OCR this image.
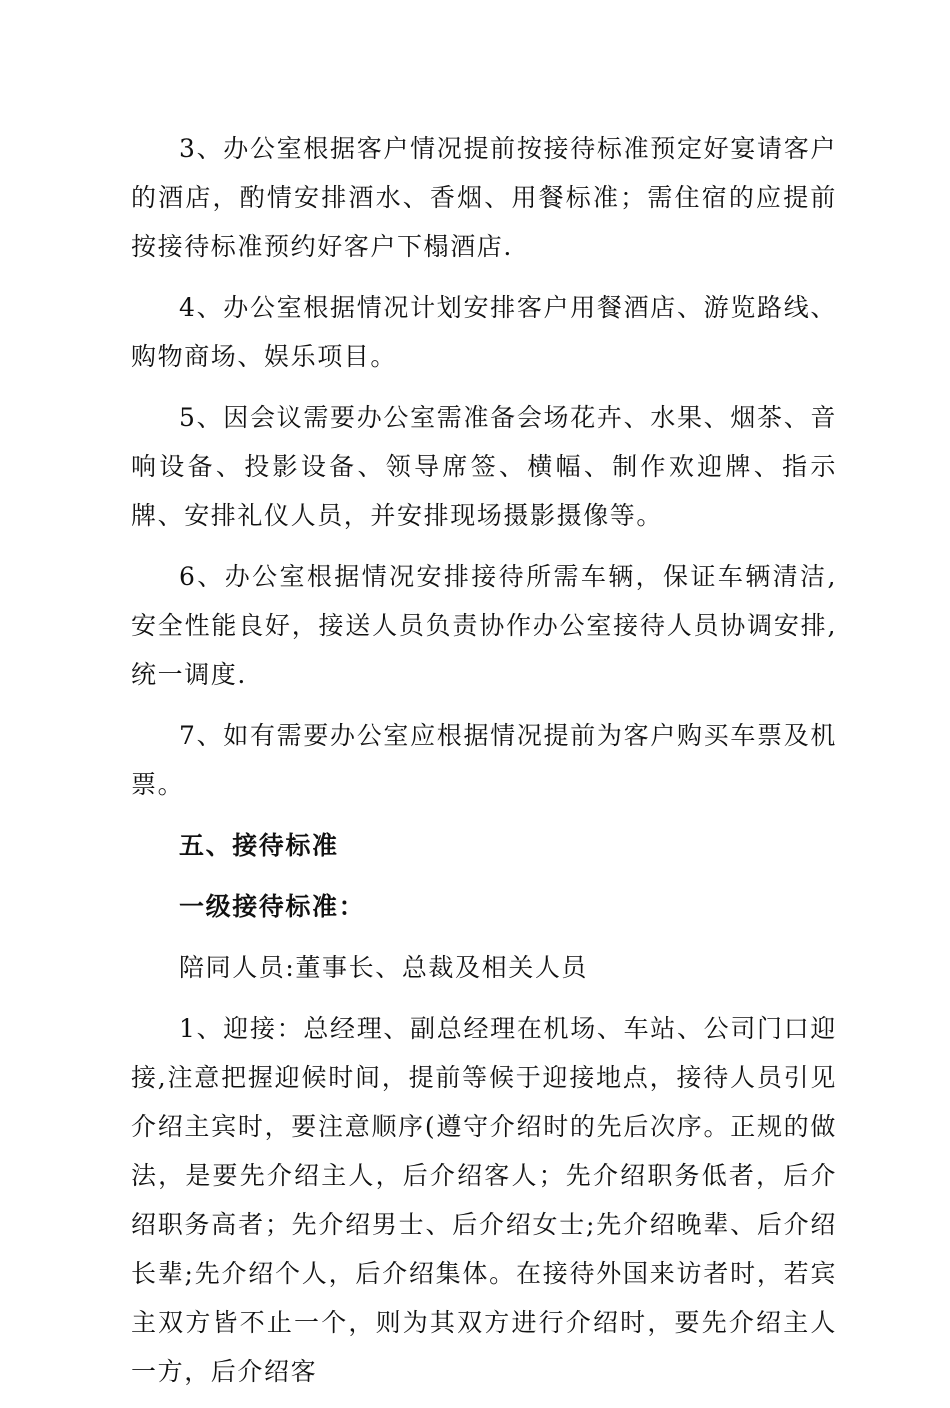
3、办公室根据客户情况提前按接待标准预定好宴请客户的酒店，酌情安排酒水、香烟、用餐标准；需住宿的应提前按接待标准预约好客户下榻酒店.

4、办公室根据情况计划安排客户用餐酒店、游览路线、购物商场、娱乐项目。

5、因会议需要办公室需准备会场花卉、水果、烟茶、音响设备、投影设备、领导席签、横幅、制作欢迎牌、指示牌、安排礼仪人员，并安排现场摄影摄像等。

6、办公室根据情况安排接待所需车辆，保证车辆清洁,安全性能良好，接送人员负责协作办公室接待人员协调安排,统一调度.

7、如有需要办公室应根据情况提前为客户购买车票及机票。

五、接待标准

一级接待标准：

陪同人员:董事长、总裁及相关人员

1、迎接：总经理、副总经理在机场、车站、公司门口迎接,注意把握迎候时间，提前等候于迎接地点，接待人员引见介绍主宾时，要注意顺序(遵守介绍时的先后次序。正规的做法，是要先介绍主人，后介绍客人；先介绍职务低者，后介绍职务高者；先介绍男士、后介绍女士;先介绍晚辈、后介绍长辈;先介绍个人，后介绍集体。在接待外国来访者时，若宾主双方皆不止一个，则为其双方进行介绍时，要先介绍主人一方，后介绍客
